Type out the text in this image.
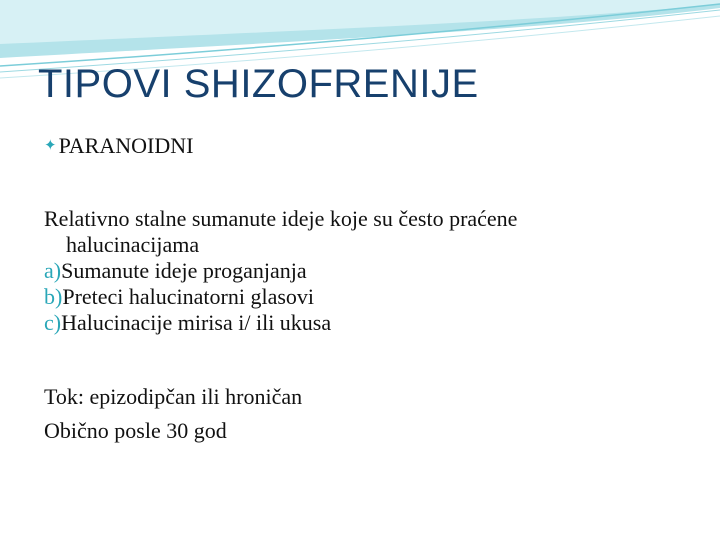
TIPOVI SHIZOFRENIJE
✦ PARANOIDNI
Relativno stalne sumanute ideje koje su često praćene
halucinacijama
a)Sumanute ideje proganjanja
b)Preteci halucinatorni glasovi
c)Halucinacije mirisa i/ ili ukusa
Tok: epizodipčan ili hroničan
Obično posle 30 god
